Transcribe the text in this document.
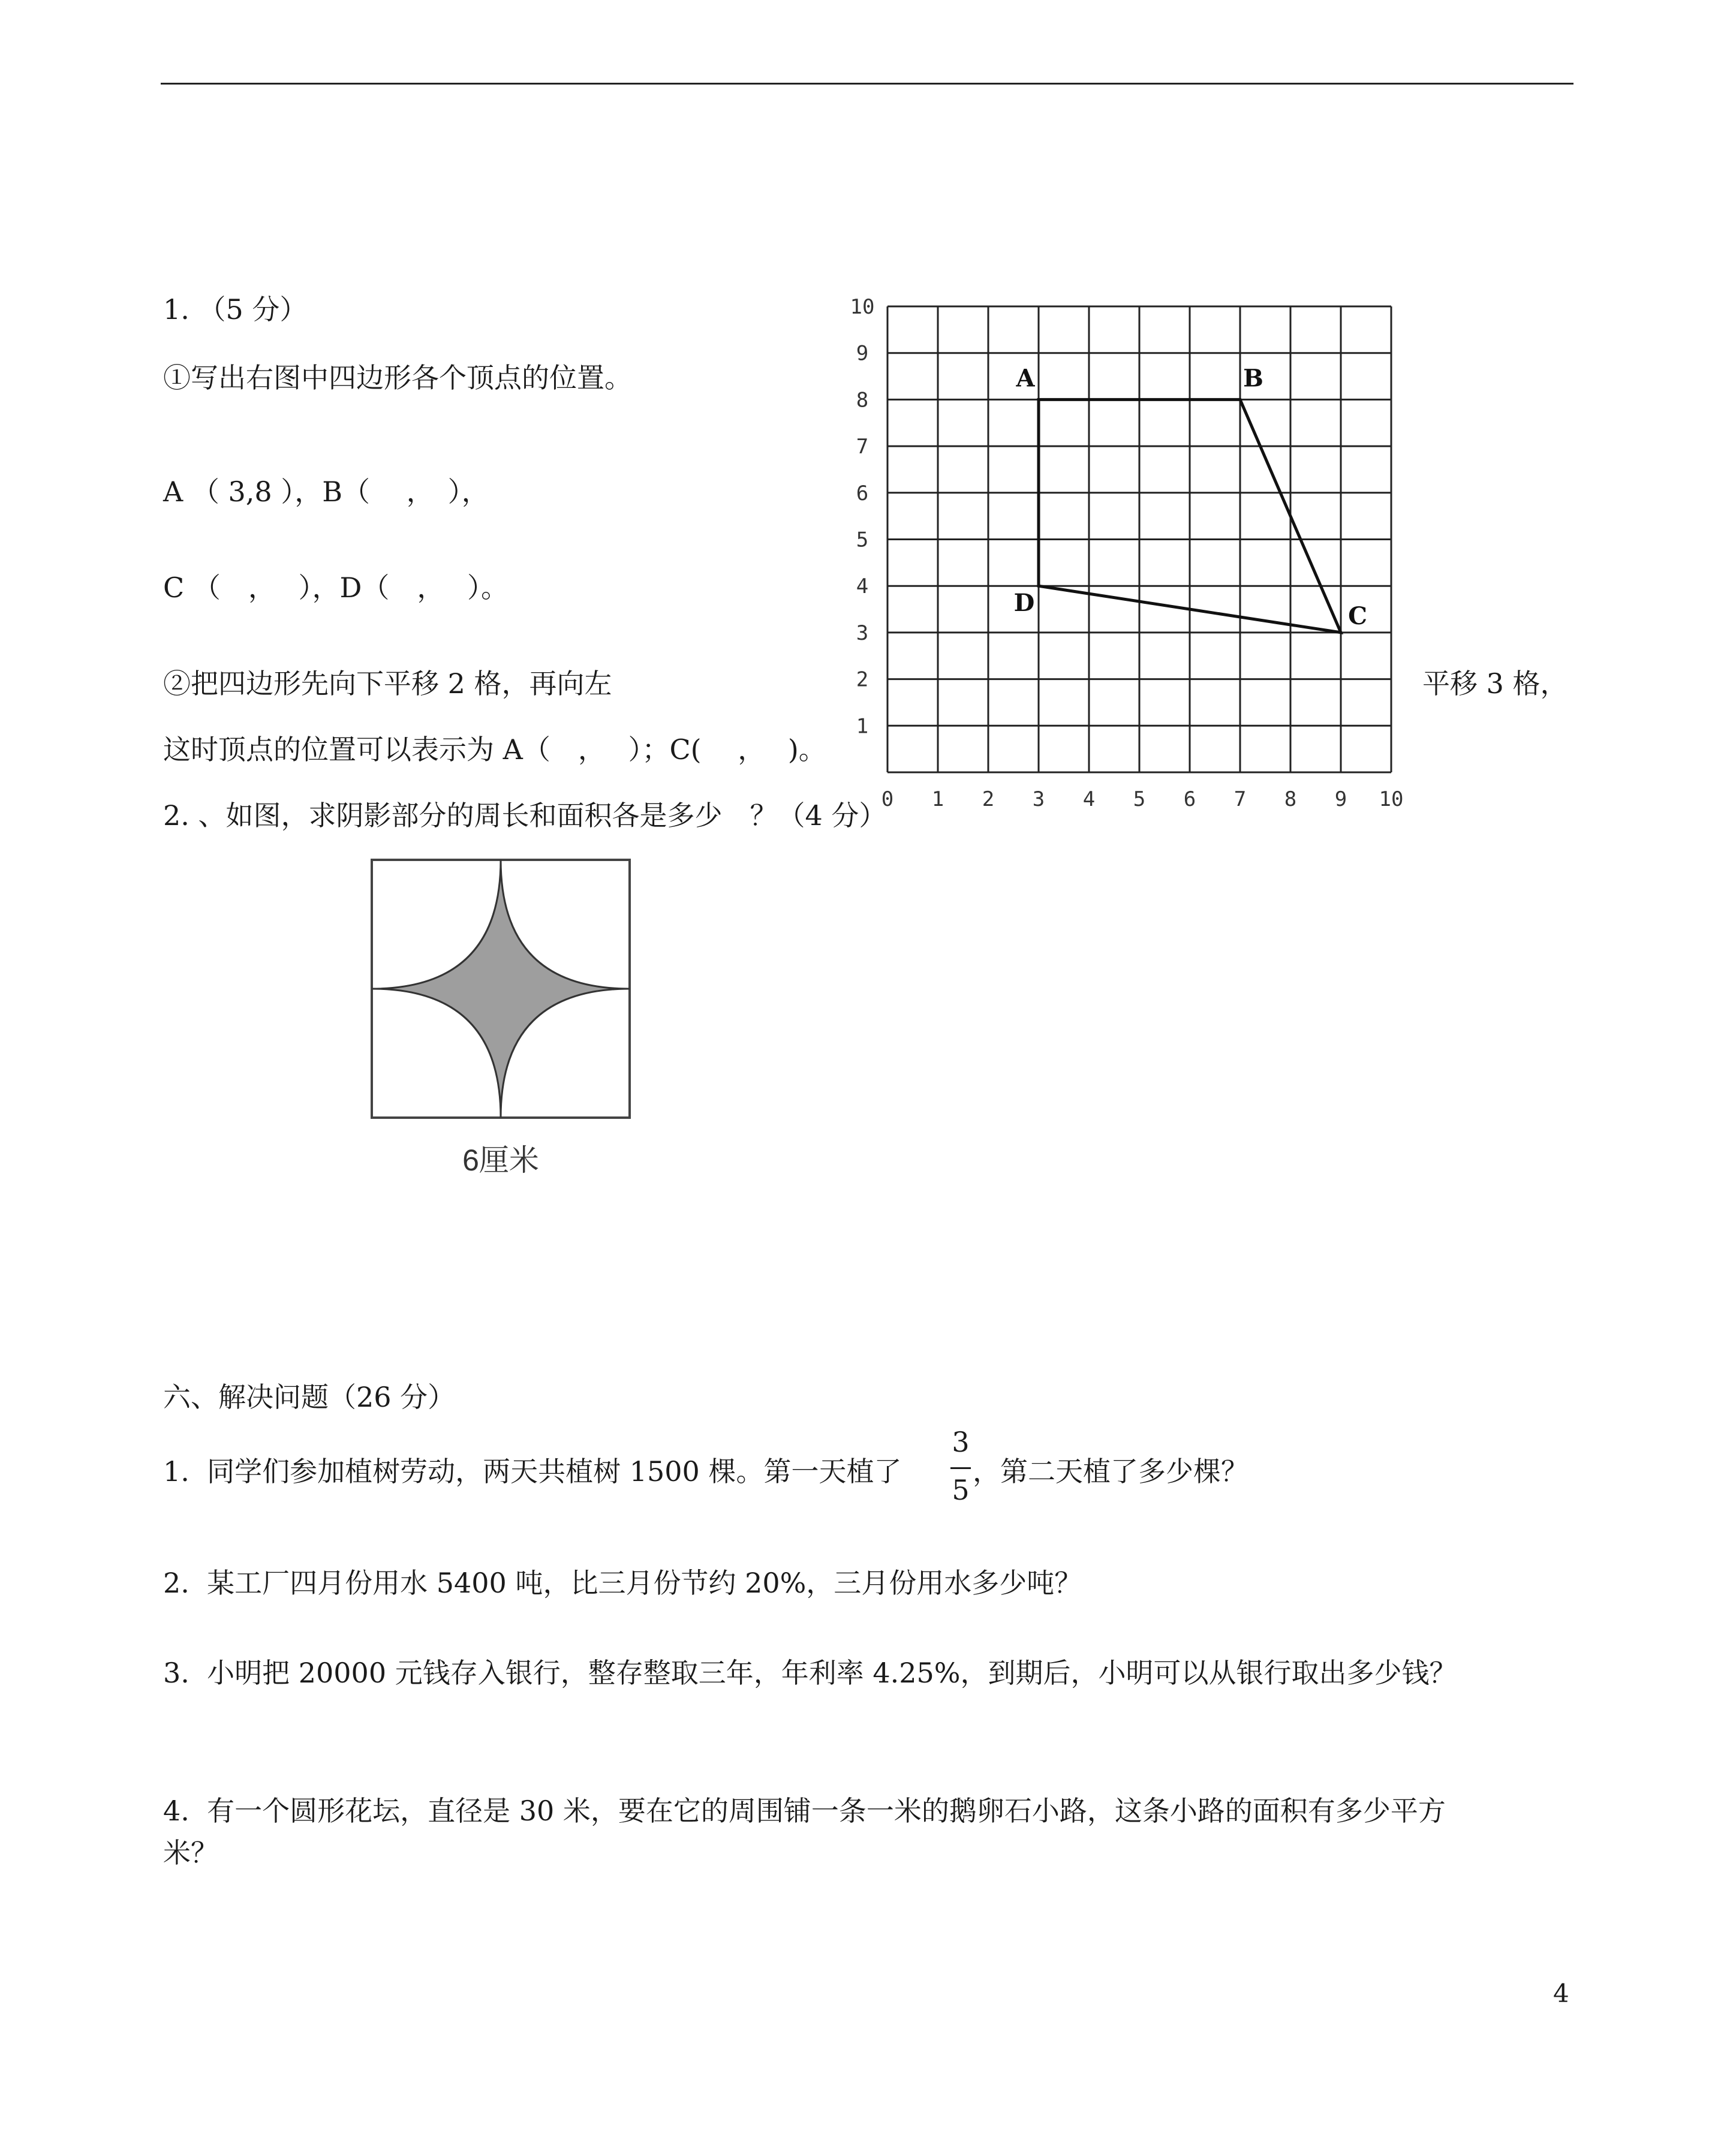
1. （5 分）
①写出右图中四边形各个顶点的位置。
A （ 3,8 ），B（　 ，　），
C （　，　 ），D（　，　 ）。
②把四边形先向下平移 2 格，再向左	平移 3 格，
这时顶点的位置可以表示为 A（　，　 ）；C(　 ，　 )。
0 1 2 3 4 5 6 7 8 9 10
1
2
3
4
5
6
7
8
9
10
A	B
C
D
2. 、如图，求阴影部分的周长和面积各是多少　？（4 分）
6厘米
六、解决问题（26 分）
1.  同学们参加植树劳动，两天共植树 1500 棵。第一天植了
3
5
，第二天植了多少棵？
2.  某工厂四月份用水 5400 吨，比三月份节约 20%，三月份用水多少吨？
3.  小明把 20000 元钱存入银行，整存整取三年，年利率 4.25%，到期后，小明可以从银行取出多少钱？
4.  有一个圆形花坛，直径是 30 米，要在它的周围铺一条一米的鹅卵石小路，这条小路的面积有多少平方
米？
4
